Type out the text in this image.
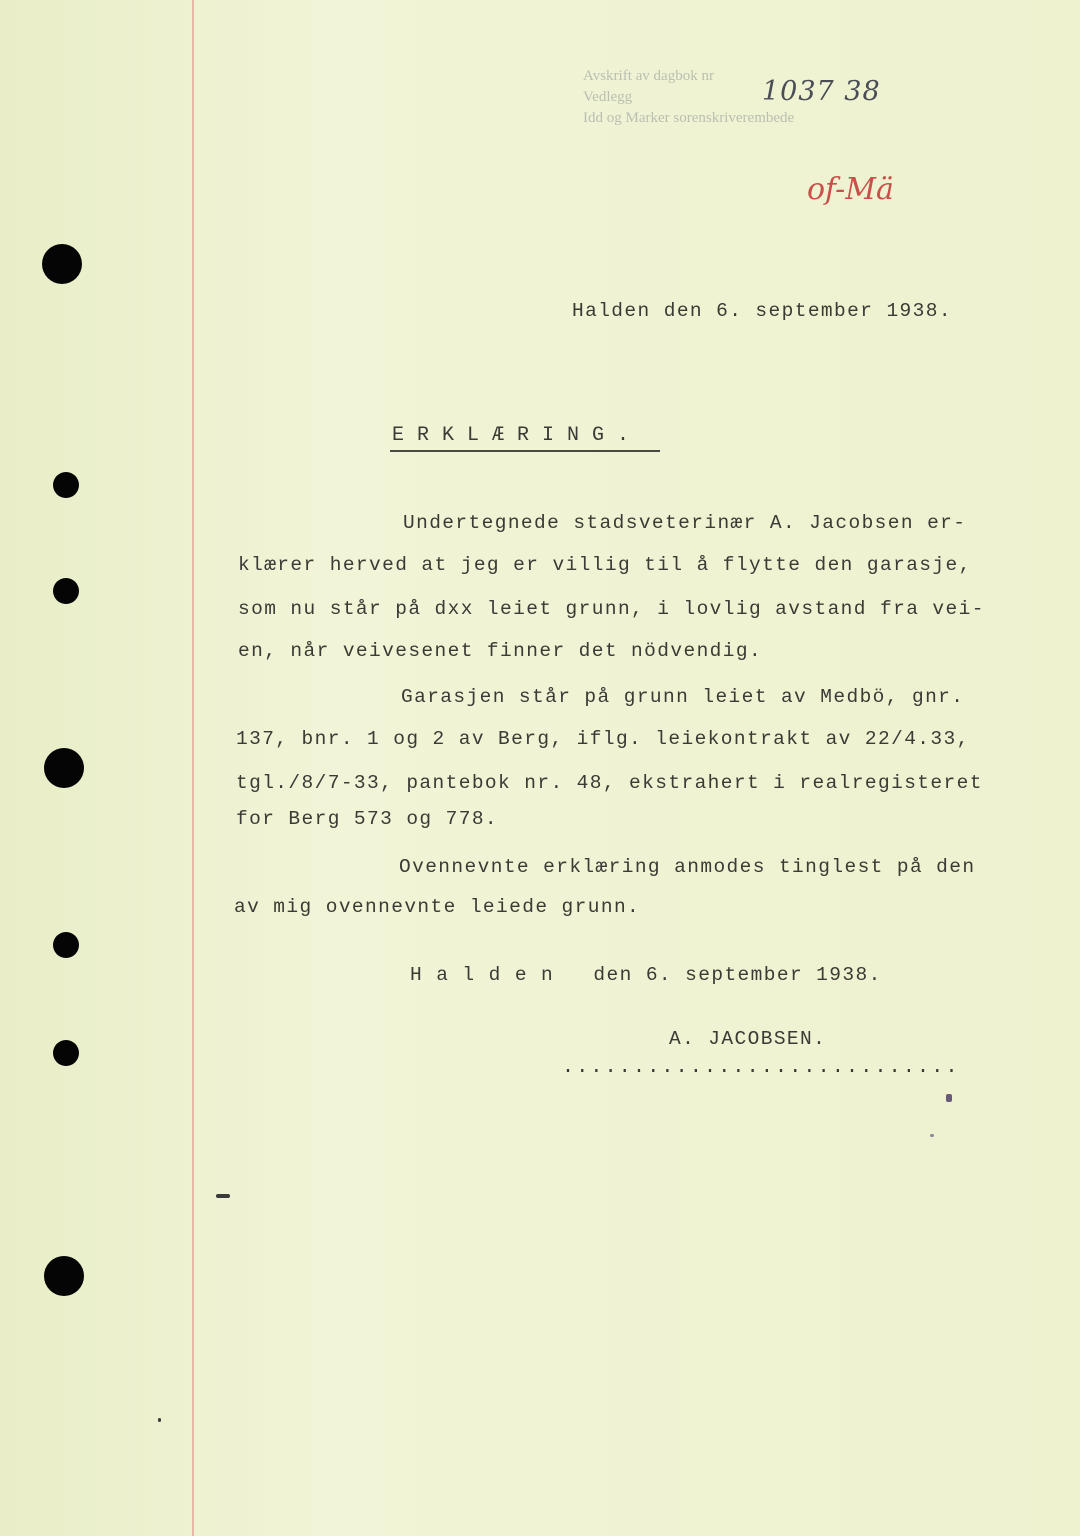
Avskrift av dagbok nr
Vedlegg
Idd og Marker sorenskriverembede
1037 38
of-Mä
Halden den 6. september 1938.
E R K L Æ R I N G .
Undertegnede stadsveterinær A. Jacobsen er-
klærer herved at jeg er villig til å flytte den garasje,
som nu står på dxx leiet grunn, i lovlig avstand fra vei-
en, når veivesenet finner det nödvendig.
Garasjen står på grunn leiet av Medbö, gnr.
137, bnr. 1 og 2 av Berg, iflg. leiekontrakt av 22/4.33,
tgl./8/7-33, pantebok nr. 48, ekstrahert i realregisteret
for Berg 573 og 778.
Ovennevnte erklæring anmodes tinglest på den
av mig ovennevnte leiede grunn.
H a l d e n   den 6. september 1938.
A. JACOBSEN.
............................
